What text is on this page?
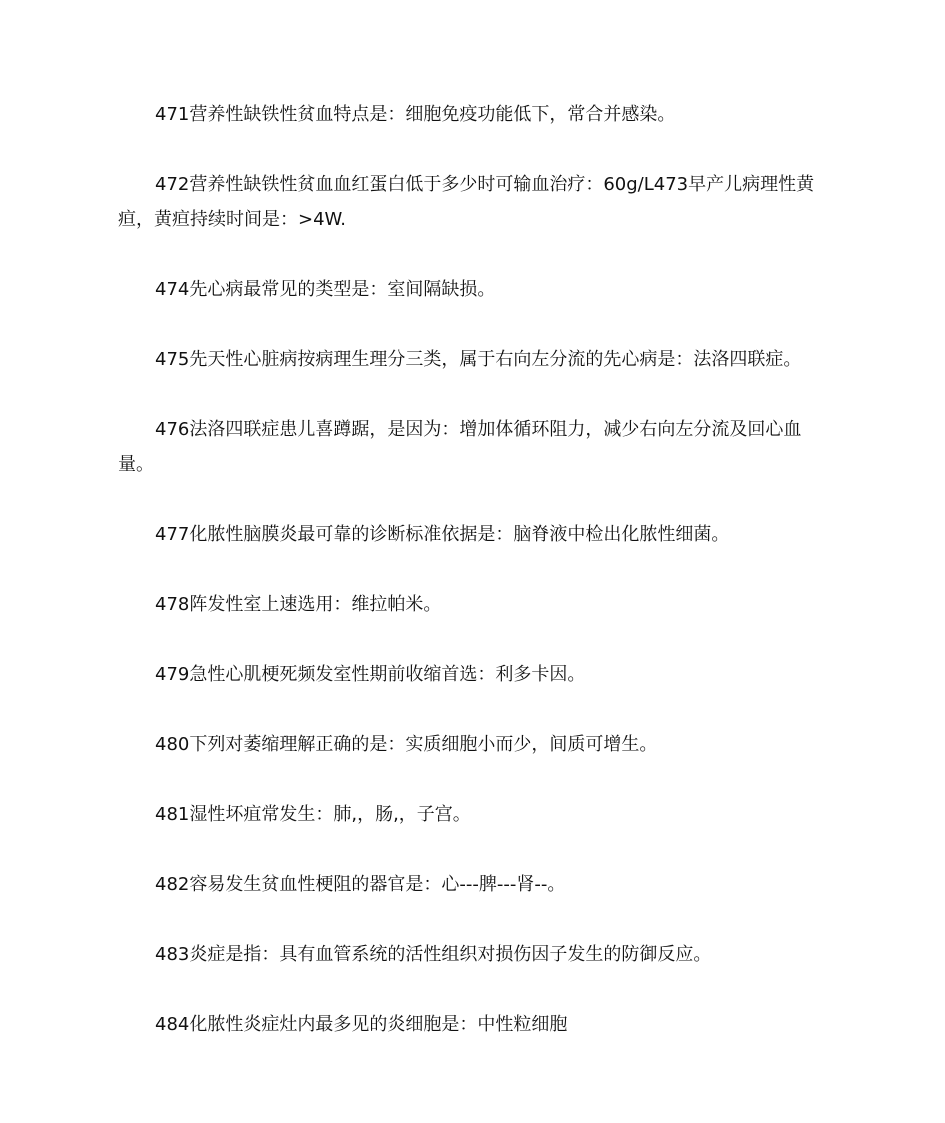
471营养性缺铁性贫血特点是：细胞免疫功能低下，常合并感染。

472营养性缺铁性贫血血红蛋白低于多少时可输血治疗：60g/L473早产儿病理性黄疸，黄疸持续时间是：>4W.

474先心病最常见的类型是：室间隔缺损。

475先天性心脏病按病理生理分三类，属于右向左分流的先心病是：法洛四联症。

476法洛四联症患儿喜蹲踞，是因为：增加体循环阻力，减少右向左分流及回心血量。

477化脓性脑膜炎最可靠的诊断标准依据是：脑脊液中检出化脓性细菌。

478阵发性室上速选用：维拉帕米。

479急性心肌梗死频发室性期前收缩首选：利多卡因。

480下列对萎缩理解正确的是：实质细胞小而少，间质可增生。

481湿性坏疽常发生：肺,，肠,，子宫。

482容易发生贫血性梗阻的器官是：心---脾---肾--。

483炎症是指：具有血管系统的活性组织对损伤因子发生的防御反应。

484化脓性炎症灶内最多见的炎细胞是：中性粒细胞
